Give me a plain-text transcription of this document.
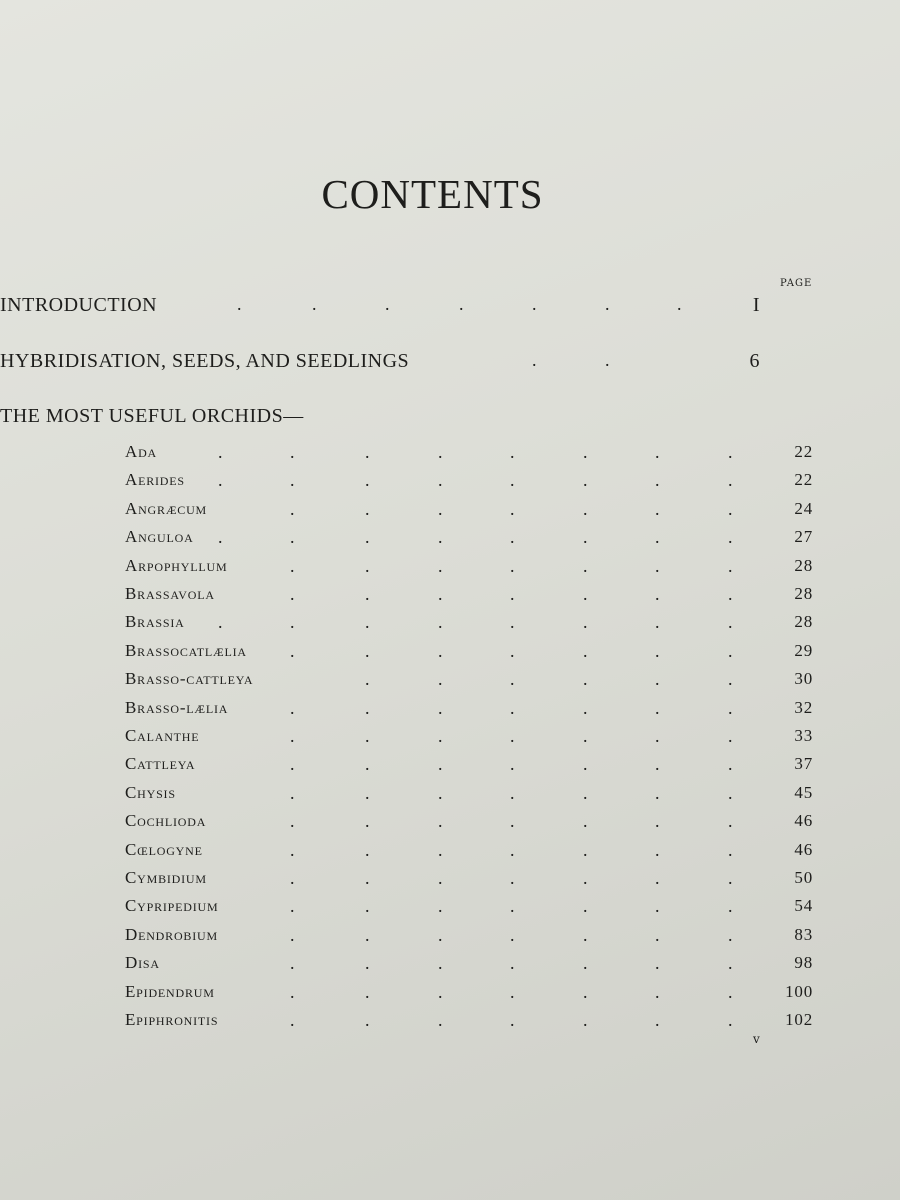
CONTENTS
PAGE
INTRODUCTION	.	.	.	.	.	.	.	I
HYBRIDISATION, SEEDS, AND SEEDLINGS	.	.	6
THE MOST USEFUL ORCHIDS—
Ada	.	.	.	.	.	.	.	.	22
Aerides .	.	.	.	.	.	.	.	22
Angræcum	.	.	.	.	.	.	.	24
Anguloa .	.	.	.	.	.	.	.	27
Arpophyllum	.	.	.	.	.	.	.	28
Brassavola	.	.	.	.	.	.	.	28
Brassia .	.	.	.	.	.	.	.	28
Brassocatlælia .	.	.	.	.	.	.	29
Brasso-cattleya	.	.	.	.	.	.	30
Brasso-lælia	.	.	.	.	.	.	.	32
Calanthe	.	.	.	.	.	.	.	33
Cattleya	.	.	.	.	.	.	.	37
Chysis	.	.	.	.	.	.	.	45
Cochlioda	.	.	.	.	.	.	.	46
Cœlogyne	.	.	.	.	.	.	.	46
Cymbidium	.	.	.	.	.	.	.	50
Cypripedium	.	.	.	.	.	.	.	54
Dendrobium	.	.	.	.	.	.	.	83
Disa	.	.	.	.	.	.	.	98
Epidendrum	.	.	.	.	.	.	.	100
Epiphronitis	.	.	.	.	.	.	.	102
v
